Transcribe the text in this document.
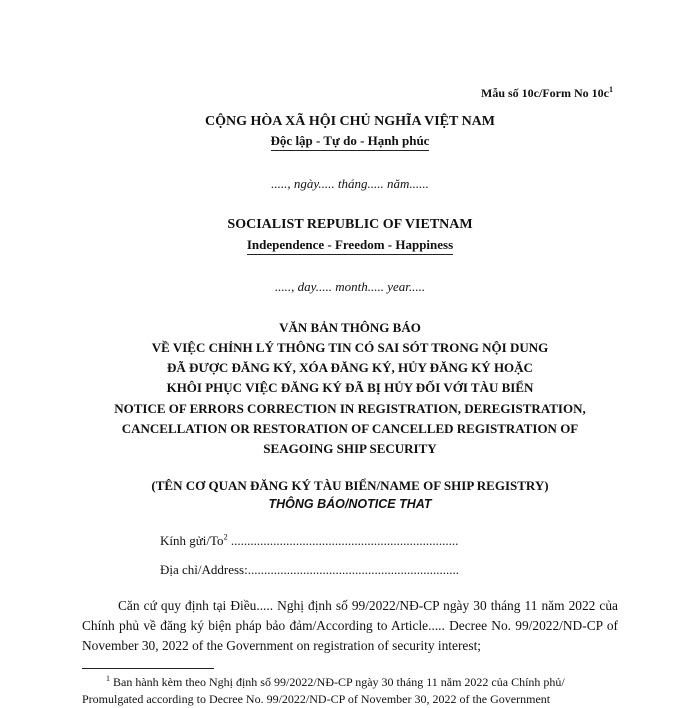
Mẫu số 10c/Form No $10c^1$
CỘNG HÒA XÃ HỘI CHỦ NGHĨA VIỆT NAM
Độc lập - Tự do - Hạnh phúc
....., ngày..... tháng..... năm......
SOCIALIST REPUBLIC OF VIETNAM
Independence - Freedom - Happiness
....., day..... month..... year.....
VĂN BẢN THÔNG BÁO
VỀ VIỆC CHỈNH LÝ THÔNG TIN CÓ SAI SÓT TRONG NỘI DUNG
ĐÃ ĐƯỢC ĐĂNG KÝ, XÓA ĐĂNG KÝ, HỦY ĐĂNG KÝ HOẶC
KHÔI PHỤC VIỆC ĐĂNG KÝ ĐÃ BỊ HỦY ĐỐI VỚI TÀU BIỂN
NOTICE OF ERRORS CORRECTION IN REGISTRATION, DEREGISTRATION,
CANCELLATION OR RESTORATION OF CANCELLED REGISTRATION OF
SEAGOING SHIP SECURITY
(TÊN CƠ QUAN ĐĂNG KÝ TÀU BIỂN/NAME OF SHIP REGISTRY)
THÔNG BÁO/NOTICE THAT
Kính gửi/To$^2$ ......................................................................
Địa chỉ/Address:.................................................................
Căn cứ quy định tại Điều..... Nghị định số 99/2022/NĐ-CP ngày 30 tháng 11 năm 2022 của Chính phủ về đăng ký biện pháp bảo đảm/According to Article..... Decree No. 99/2022/ND-CP of November 30, 2022 of the Government on registration of security interest;
$^1$ Ban hành kèm theo Nghị định số 99/2022/NĐ-CP ngày 30 tháng 11 năm 2022 của Chính phủ/ Promulgated according to Decree No. 99/2022/ND-CP of November 30, 2022 of the Government
